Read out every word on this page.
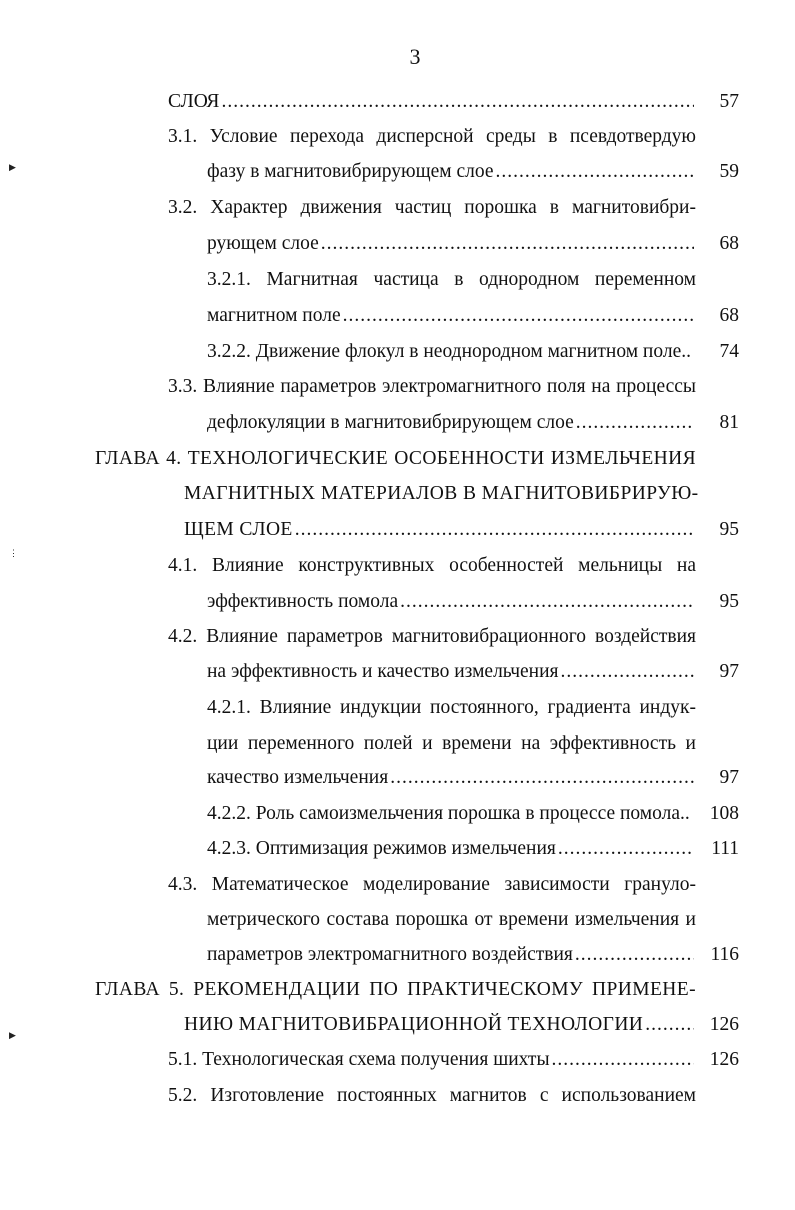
3
▶
⋮
▶
СЛОЯ .....	57
3.1. Условие перехода дисперсной среды в псевдотвердую
фазу в магнитовибрирующем слое .....	59
3.2. Характер движения частиц порошка в магнитовибри-
рующем слое .....	68
3.2.1. Магнитная частица в однородном переменном
магнитном поле .....	68
3.2.2. Движение флокул в неоднородном магнитном поле..	74
3.3. Влияние параметров электромагнитного поля на процессы
дефлокуляции в магнитовибрирующем слое .....	81
ГЛАВА 4. ТЕХНОЛОГИЧЕСКИЕ ОСОБЕННОСТИ ИЗМЕЛЬЧЕНИЯ
МАГНИТНЫХ МАТЕРИАЛОВ В МАГНИТОВИБРИРУЮ-
ЩЕМ СЛОЕ .....	95
4.1. Влияние конструктивных особенностей мельницы на
эффективность помола .....	95
4.2. Влияние параметров магнитовибрационного воздействия
на эффективность и качество измельчения .....	97
4.2.1. Влияние индукции постоянного, градиента индук-
ции переменного полей и времени на эффективность и
качество измельчения .....	97
4.2.2. Роль самоизмельчения порошка в процессе помола..	108
4.2.3. Оптимизация режимов измельчения .....	111
4.3. Математическое моделирование зависимости грануло-
метрического состава порошка от времени измельчения и
параметров электромагнитного воздействия .....	116
ГЛАВА 5. РЕКОМЕНДАЦИИ ПО ПРАКТИЧЕСКОМУ ПРИМЕНЕ-
НИЮ МАГНИТОВИБРАЦИОННОЙ ТЕХНОЛОГИИ .....	126
5.1. Технологическая схема получения шихты .....	126
5.2. Изготовление постоянных магнитов с использованием
